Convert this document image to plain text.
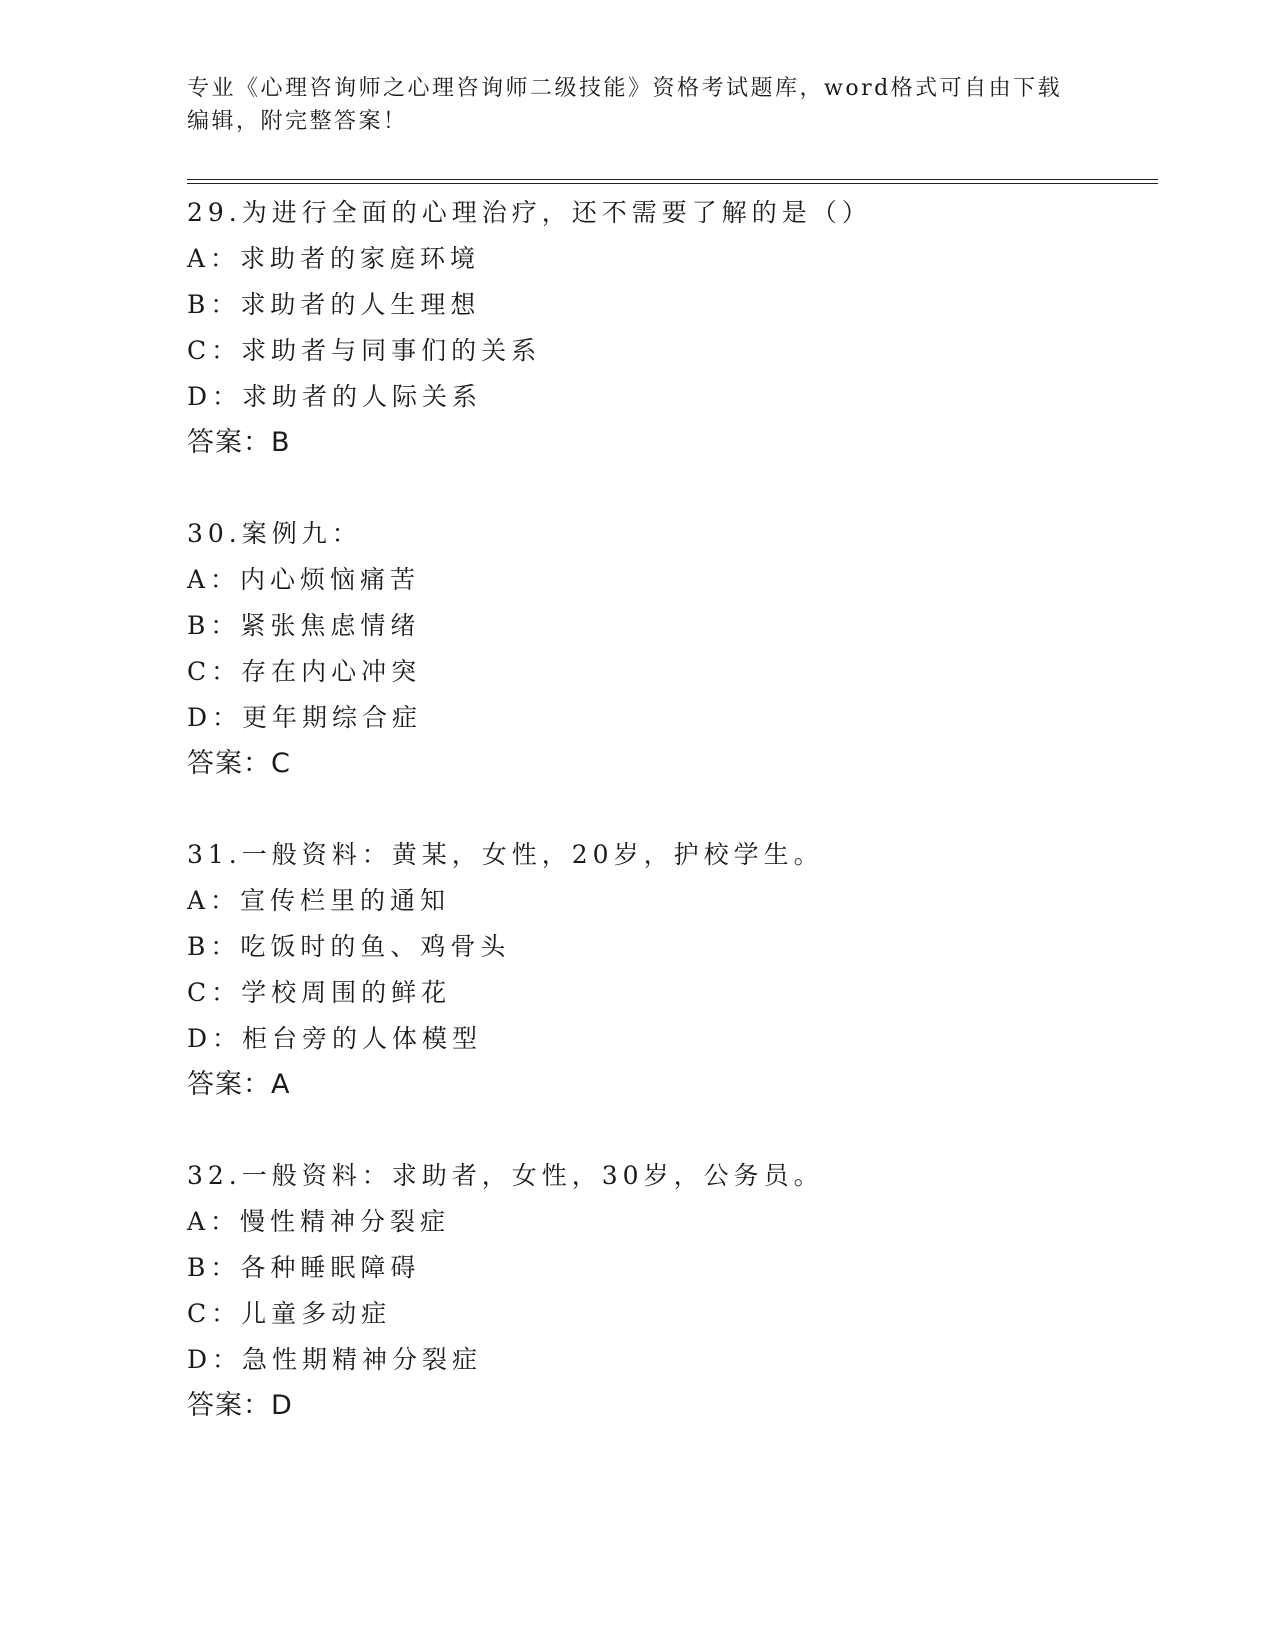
专业《心理咨询师之心理咨询师二级技能》资格考试题库，word格式可自由下载
编辑，附完整答案！
29.为进行全面的心理治疗，还不需要了解的是（）
A：求助者的家庭环境
B：求助者的人生理想
C：求助者与同事们的关系
D：求助者的人际关系
答案：B
30.案例九：
A：内心烦恼痛苦
B：紧张焦虑情绪
C：存在内心冲突
D：更年期综合症
答案：C
31.一般资料：黄某，女性，20岁，护校学生。
A：宣传栏里的通知
B：吃饭时的鱼、鸡骨头
C：学校周围的鲜花
D：柜台旁的人体模型
答案：A
32.一般资料：求助者，女性，30岁，公务员。
A：慢性精神分裂症
B：各种睡眠障碍
C：儿童多动症
D：急性期精神分裂症
答案：D
